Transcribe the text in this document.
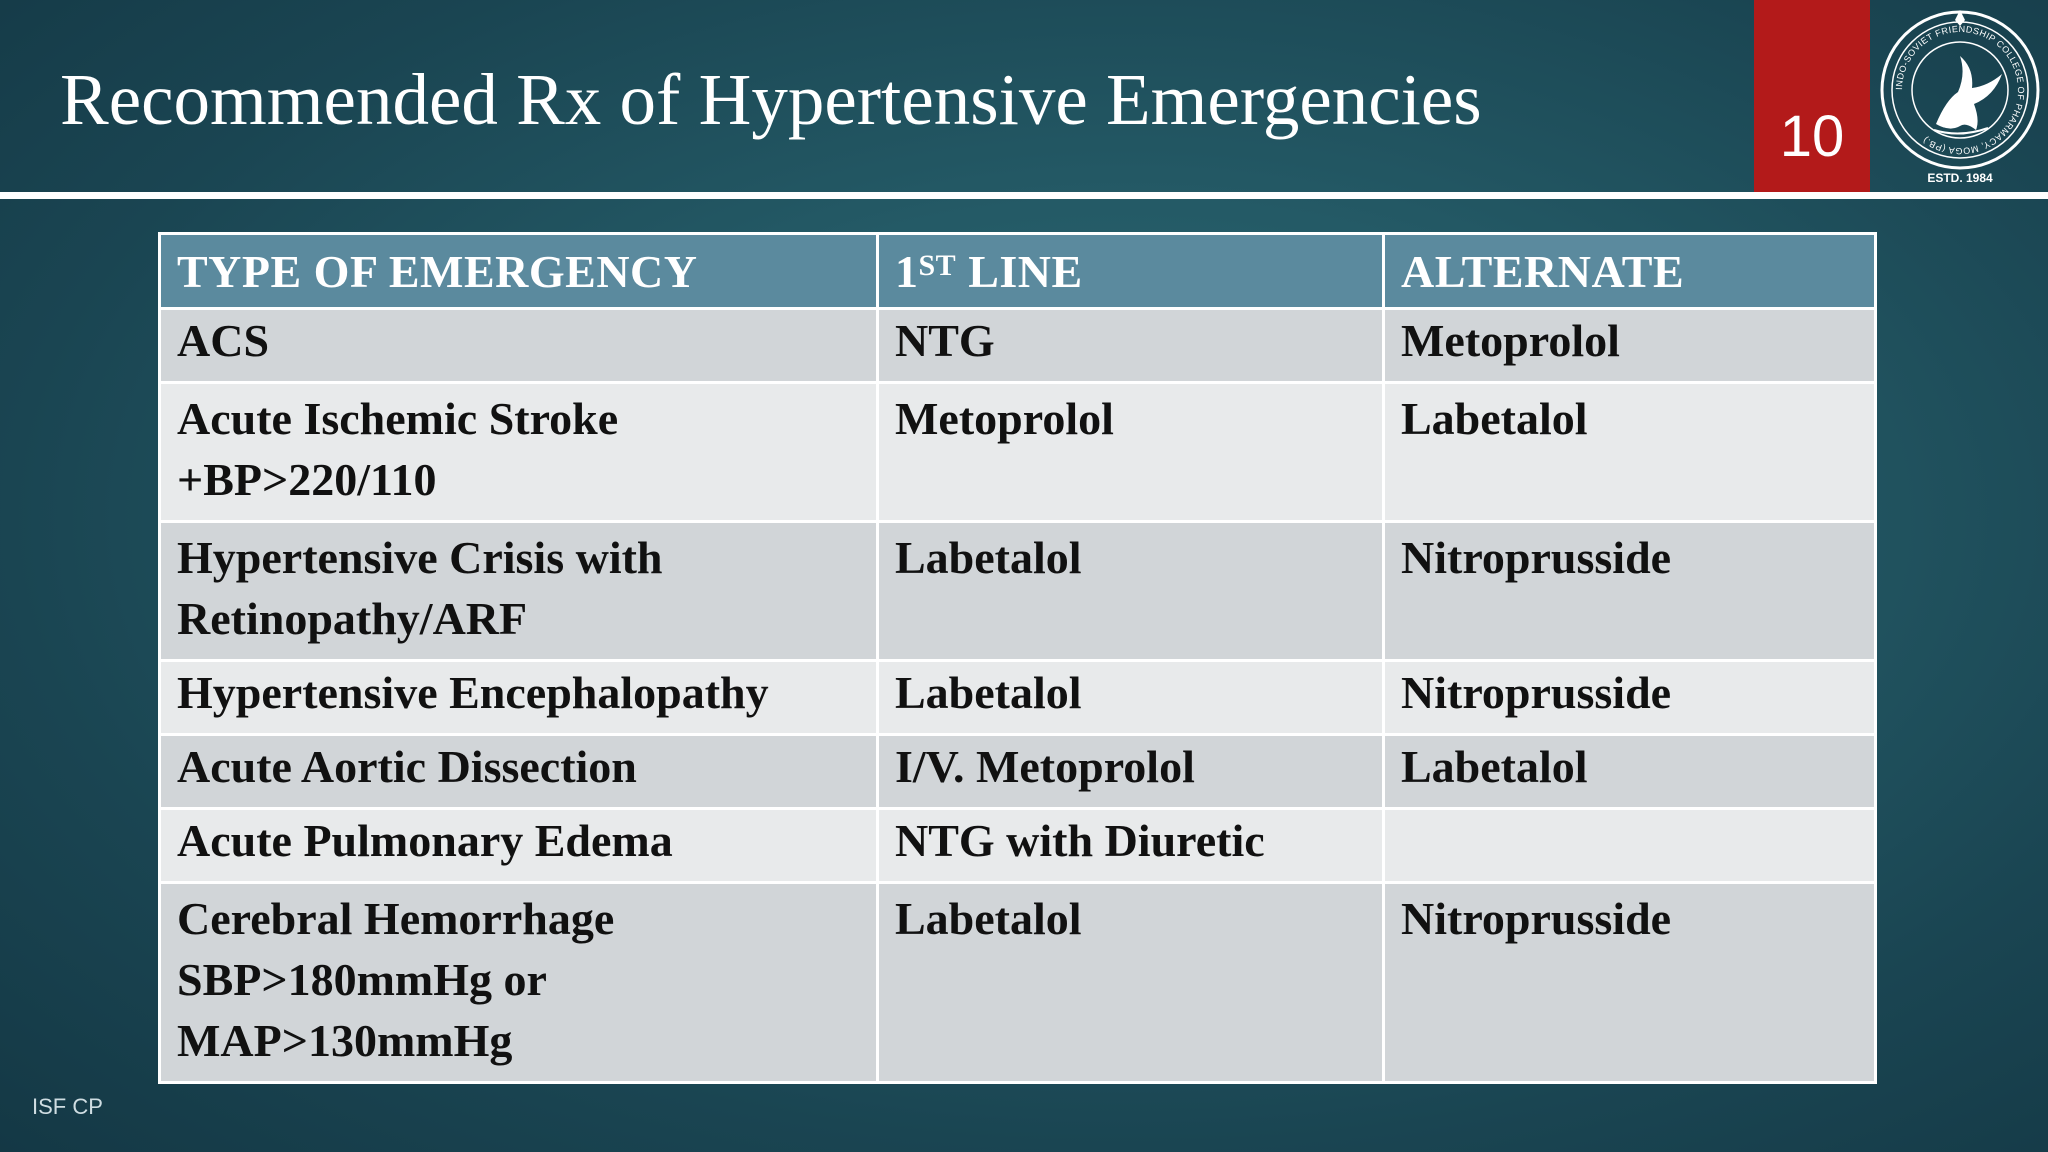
Recommended Rx of Hypertensive Emergencies	10
INDO-SOVIET FRIENDSHIP COLLEGE OF PHARMACY, MOGA (PB.)
ESTD. 1984
TYPE OF EMERGENCY	1ST LINE	ALTERNATE

ACS	NTG	Metoprolol

Acute Ischemic Stroke
+BP>220/110	Metoprolol	Labetalol

Hypertensive Crisis with
Retinopathy/ARF	Labetalol	Nitroprusside

Hypertensive Encephalopathy	Labetalol	Nitroprusside

Acute Aortic Dissection	I/V. Metoprolol	Labetalol

Acute Pulmonary Edema	NTG with Diuretic	

Cerebral Hemorrhage
SBP>180mmHg or
MAP>130mmHg	Labetalol	Nitroprusside
ISF CP
